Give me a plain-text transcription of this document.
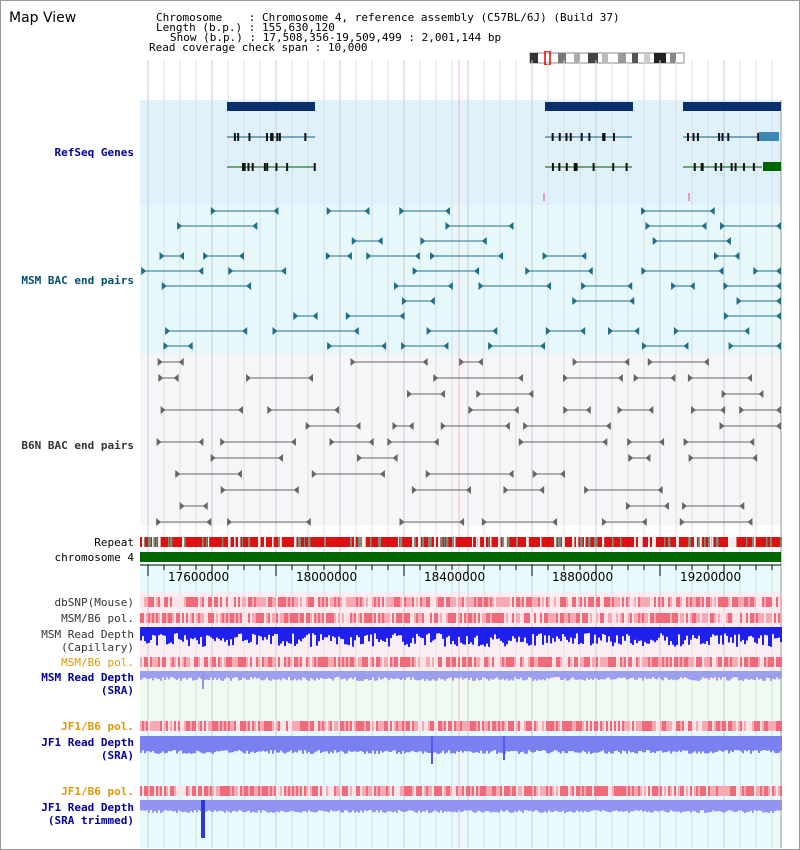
Map View	Chromosome : Chromosome 4, reference assembly (C57BL/6J) (Build 37)
Length (b.p.) : 155,630,120
Show (b.p.) : 17,508,356-19,509,499 : 2,001,144 bp
Read coverage check span : 10,000
RefSeq Genes
MSM BAC end pairs
B6N BAC end pairs
Repeat
chromosome 4
dbSNP(Mouse)
MSM/B6 pol.
MSM Read Depth
(Capillary)
MSM/B6 pol.
MSM Read Depth
(SRA)
JF1/B6 pol.
JF1 Read Depth
(SRA)
JF1/B6 pol.
JF1 Read Depth
(SRA trimmed)
17600000	18000000	18400000	18800000	19200000
